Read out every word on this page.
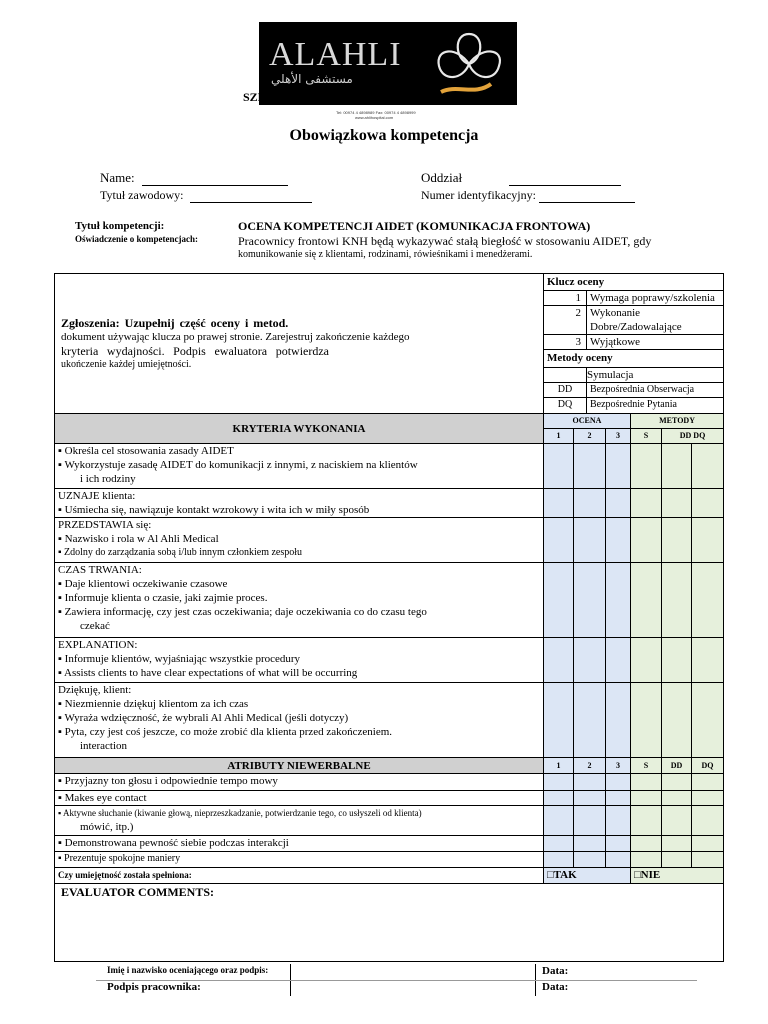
ALAHLI
مستشفى الأهلي
SZP
Tel: 00974 4 4898989 Fax: 00974 4 4898999
www.ahlihospital.com
Obowiązkowa kompetencja
Name:	Oddział
Tytuł zawodowy:	Numer identyfikacyjny:
Tytuł kompetencji:	OCENA KOMPETENCJI AIDET (KOMUNIKACJA FRONTOWA)
Oświadczenie o kompetencjach:	Pracownicy frontowi KNH będą wykazywać stałą biegłość w stosowaniu AIDET, gdy
komunikowanie się z klientami, rodzinami, rówieśnikami i menedżerami.
Zgłoszenia: Uzupełnij część oceny i metod.
dokument używając klucza po prawej stronie. Zarejestruj zakończenie każdego
kryteria wydajności. Podpis ewaluatora potwierdza
ukończenie każdej umiejętności.

Klucz oceny
1	Wymaga poprawy/szkolenia
2	Wykonanie Dobre/Zadowalające
3	Wyjątkowe
Metody oceny
	Symulacja
DD	Bezpośrednia Obserwacja
DQ	Bezpośrednie Pytania

KRYTERIA WYKONANIA	OCENA	METODY
1	2	3	S	DD DQ

▪ Określa cel stosowania zasady AIDET
▪ Wykorzystuje zasadę AIDET do komunikacji z innymi, z naciskiem na klientów
i ich rodziny

UZNAJE klienta:
▪ Uśmiecha się, nawiązuje kontakt wzrokowy i wita ich w miły sposób

PRZEDSTAWIA się:
▪ Nazwisko i rola w Al Ahli Medical
▪ Zdolny do zarządzania sobą i/lub innym członkiem zespołu

CZAS TRWANIA:
▪ Daje klientowi oczekiwanie czasowe
▪ Informuje klienta o czasie, jaki zajmie proces.
▪ Zawiera informację, czy jest czas oczekiwania; daje oczekiwania co do czasu tego
czekać

EXPLANATION:
▪ Informuje klientów, wyjaśniając wszystkie procedury
▪ Assists clients to have clear expectations of what will be occurring

Dziękuję, klient:
▪ Niezmiennie dziękuj klientom za ich czas
▪ Wyraża wdzięczność, że wybrali Al Ahli Medical (jeśli dotyczy)
▪ Pyta, czy jest coś jeszcze, co może zrobić dla klienta przed zakończeniem.
interaction

ATRIBUTY NIEWERBALNE	1	2	3	S	DD	DQ
▪ Przyjazny ton głosu i odpowiednie tempo mowy						
▪ Makes eye contact						

▪ Aktywne słuchanie (kiwanie głową, nieprzeszkadzanie, potwierdzanie tego, co usłyszeli od klienta)
mówić, itp.)

▪ Demonstrowana pewność siebie podczas interakcji						
▪ Prezentuje spokojne maniery						
Czy umiejętność została spełniona:	□TAK	□NIE
EVALUATOR COMMENTS:
Imię i nazwisko oceniającego oraz podpis:
Podpis pracownika:
Data:
Data:
